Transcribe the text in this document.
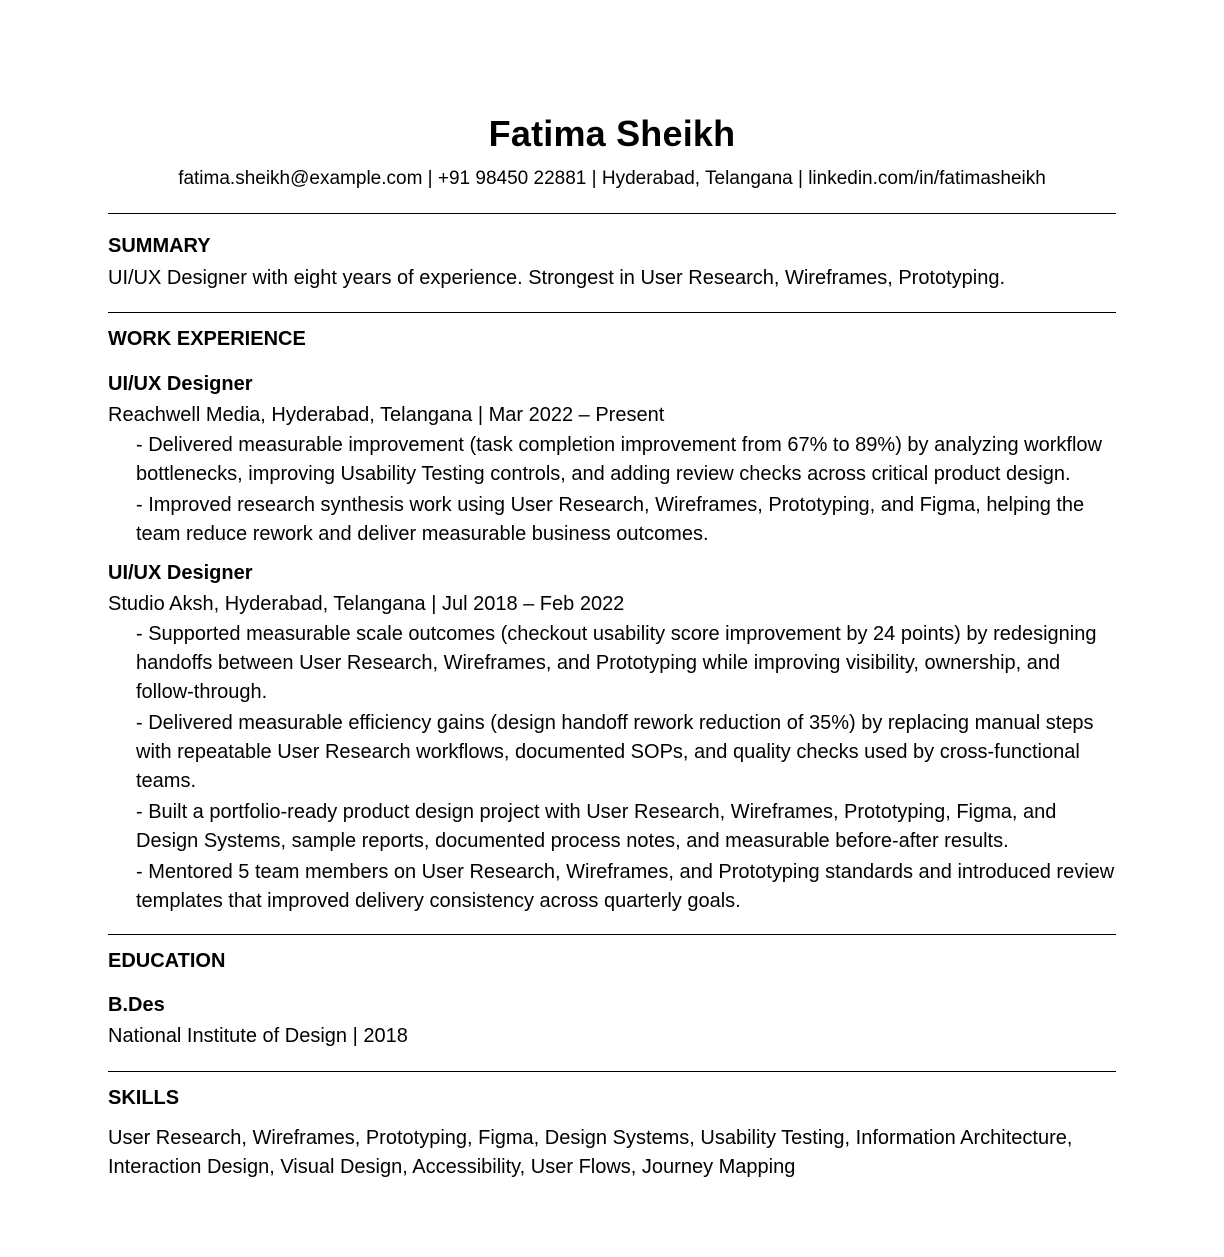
Fatima Sheikh
fatima.sheikh@example.com | +91 98450 22881 | Hyderabad, Telangana | linkedin.com/in/fatimasheikh
SUMMARY
UI/UX Designer with eight years of experience. Strongest in User Research, Wireframes, Prototyping.
WORK EXPERIENCE
UI/UX Designer
Reachwell Media, Hyderabad, Telangana | Mar 2022 – Present
- Delivered measurable improvement (task completion improvement from 67% to 89%) by analyzing workflow bottlenecks, improving Usability Testing controls, and adding review checks across critical product design.
- Improved research synthesis work using User Research, Wireframes, Prototyping, and Figma, helping the team reduce rework and deliver measurable business outcomes.
UI/UX Designer
Studio Aksh, Hyderabad, Telangana | Jul 2018 – Feb 2022
- Supported measurable scale outcomes (checkout usability score improvement by 24 points) by redesigning handoffs between User Research, Wireframes, and Prototyping while improving visibility, ownership, and follow-through.
- Delivered measurable efficiency gains (design handoff rework reduction of 35%) by replacing manual steps with repeatable User Research workflows, documented SOPs, and quality checks used by cross-functional teams.
- Built a portfolio-ready product design project with User Research, Wireframes, Prototyping, Figma, and Design Systems, sample reports, documented process notes, and measurable before-after results.
- Mentored 5 team members on User Research, Wireframes, and Prototyping standards and introduced review templates that improved delivery consistency across quarterly goals.
EDUCATION
B.Des
National Institute of Design | 2018
SKILLS
User Research, Wireframes, Prototyping, Figma, Design Systems, Usability Testing, Information Architecture, Interaction Design, Visual Design, Accessibility, User Flows, Journey Mapping
